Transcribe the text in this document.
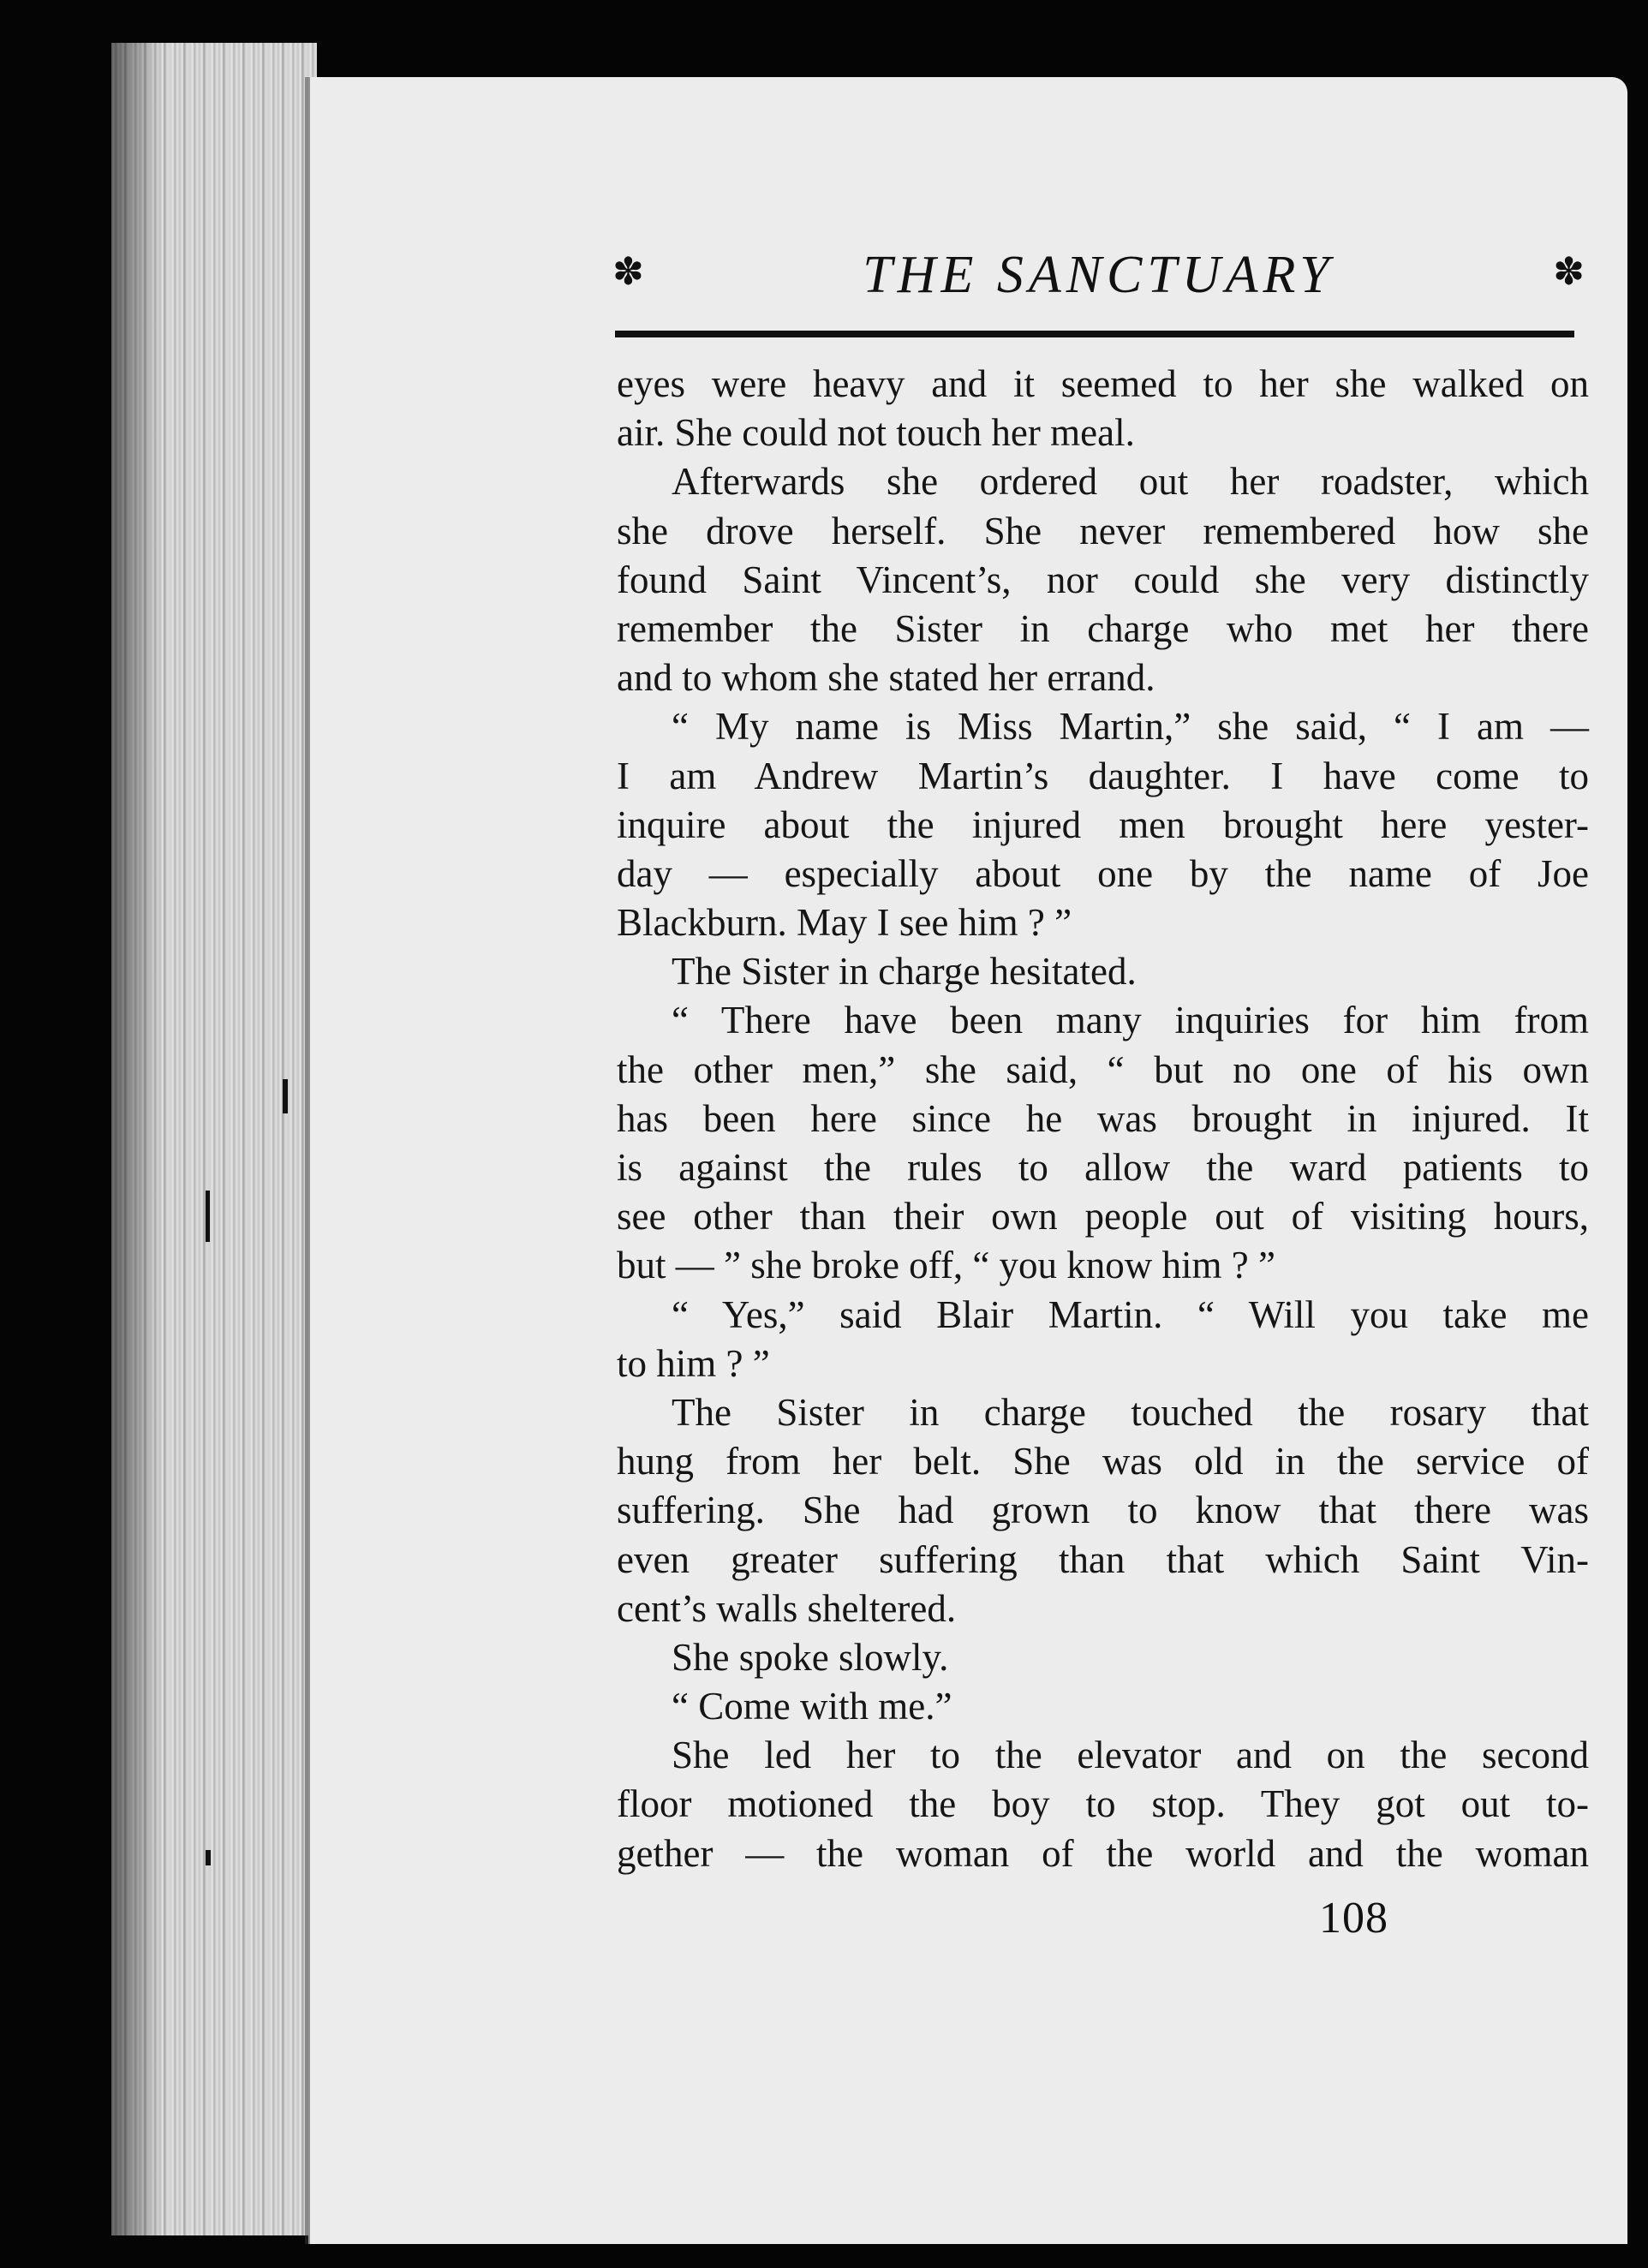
✽	THE SANCTUARY	✽
eyes were heavy and it seemed to her she walked on
air. She could not touch her meal.
Afterwards she ordered out her roadster, which
she drove herself. She never remembered how she
found Saint Vincent’s, nor could she very distinctly
remember the Sister in charge who met her there
and to whom she stated her errand.
“ My name is Miss Martin,” she said, “ I am —
I am Andrew Martin’s daughter. I have come to
inquire about the injured men brought here yester-
day — especially about one by the name of Joe
Blackburn. May I see him ? ”
The Sister in charge hesitated.
“ There have been many inquiries for him from
the other men,” she said, “ but no one of his own
has been here since he was brought in injured. It
is against the rules to allow the ward patients to
see other than their own people out of visiting hours,
but — ” she broke off, “ you know him ? ”
“ Yes,” said Blair Martin. “ Will you take me
to him ? ”
The Sister in charge touched the rosary that
hung from her belt. She was old in the service of
suffering. She had grown to know that there was
even greater suffering than that which Saint Vin-
cent’s walls sheltered.
She spoke slowly.
“ Come with me.”
She led her to the elevator and on the second
floor motioned the boy to stop. They got out to-
gether — the woman of the world and the woman
108
